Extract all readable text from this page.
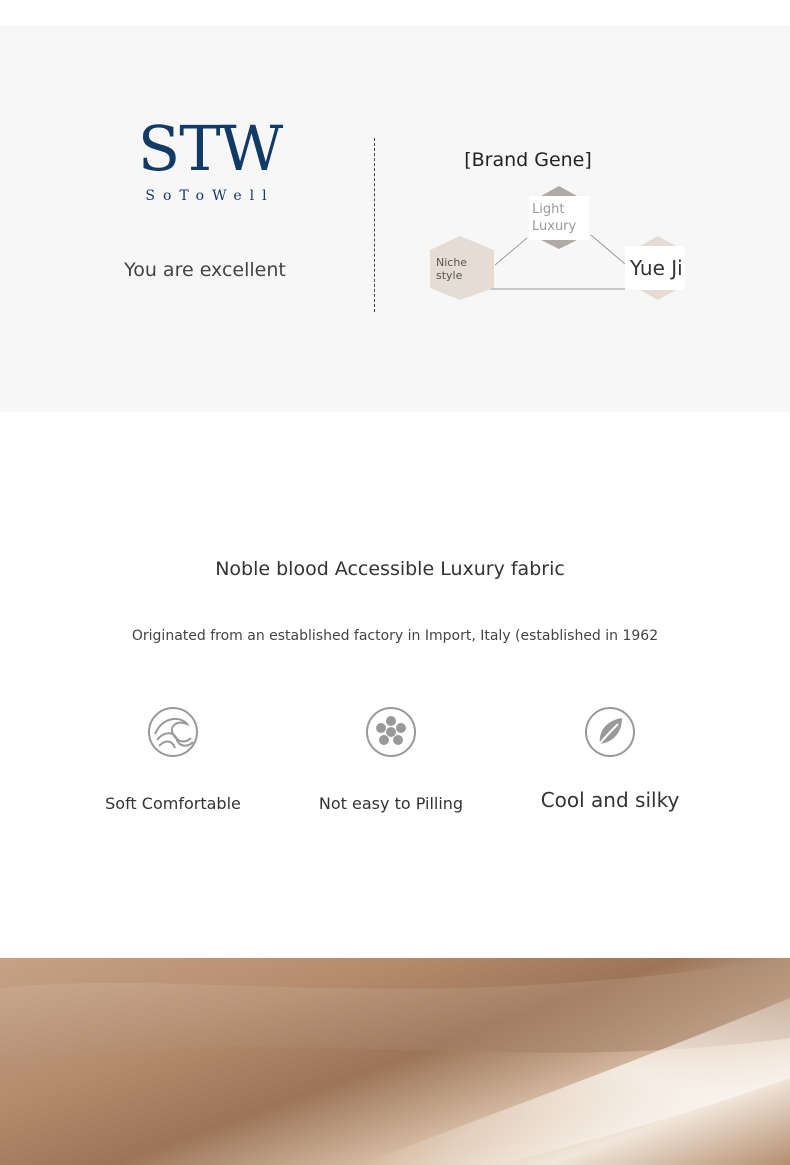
STW
SoToWell
You are excellent
[Brand Gene]
Light
Luxury
Niche
style	Yue Ji
Noble blood Accessible Luxury fabric
Originated from an established factory in Import, Italy (established in 1962
Soft Comfortable	Not easy to Pilling	Cool and silky
